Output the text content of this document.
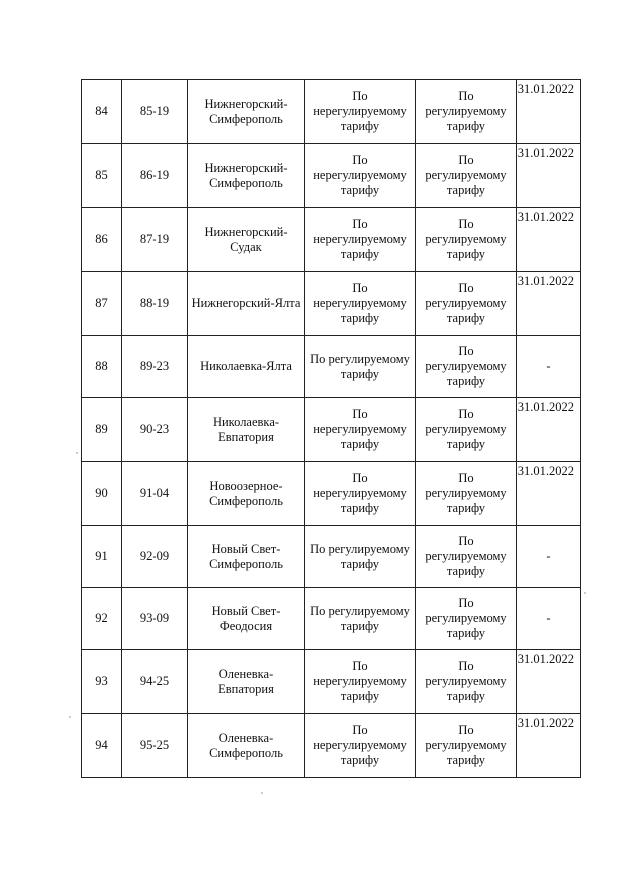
84	85-19	Нижнегорский-
Симферополь	По
нерегулируемому
тарифу	По
регулируемому
тарифу	31.01.2022
85	86-19	Нижнегорский-
Симферополь	По
нерегулируемому
тарифу	По
регулируемому
тарифу	31.01.2022
86	87-19	Нижнегорский-Судак	По
нерегулируемому
тарифу	По
регулируемому
тарифу	31.01.2022
87	88-19	Нижнегорский-Ялта	По
нерегулируемому
тарифу	По
регулируемому
тарифу	31.01.2022
88	89-23	Николаевка-Ялта	По регулируемому
тарифу	По
регулируемому
тарифу	-
89	90-23	Николаевка-
Евпатория	По
нерегулируемому
тарифу	По
регулируемому
тарифу	31.01.2022
90	91-04	Новоозерное-
Симферополь	По
нерегулируемому
тарифу	По
регулируемому
тарифу	31.01.2022
91	92-09	Новый Свет-
Симферополь	По регулируемому
тарифу	По
регулируемому
тарифу	-
92	93-09	Новый Свет-
Феодосия	По регулируемому
тарифу	По
регулируемому
тарифу	-
93	94-25	Оленевка-Евпатория	По
нерегулируемому
тарифу	По
регулируемому
тарифу	31.01.2022
94	95-25	Оленевка-
Симферополь	По
нерегулируемому
тарифу	По
регулируемому
тарифу	31.01.2022
